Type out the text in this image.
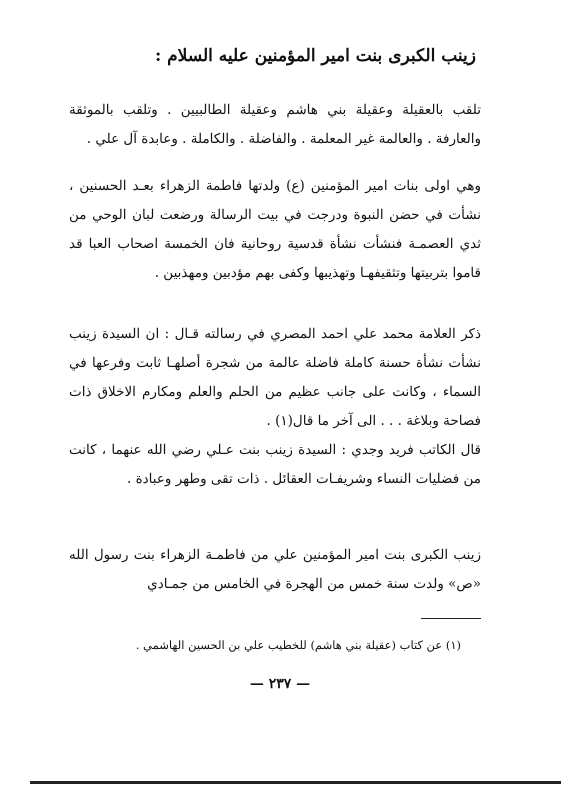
زينب الكبرى بنت امير المؤمنين عليه السلام :

تلقب بالعقيلة وعقيلة بني هاشم وعقيلة الطالبيين . وتلقب بالموثقة والعارفة . والعالمة غير المعلمة . والفاضلة . والكاملة . وعابدة آل علي .

وهي اولى بنات امير المؤمنين (ع) ولدتها فاطمة الزهراء بعـد الحسنين ، نشأت في حضن النبوة ودرجت في بيت الرسالة ورضعت لبان الوحي من ثدي العصمـة فنشأت نشأة قدسية روحانية فان الخمسة اصحاب العبا قد قاموا بتربيتها وتثقيفهـا وتهذيبها وكفى بهم مؤدبين ومهذبين .

ذكر العلامة محمد علي احمد المصري في رسالته قـال : ان السيدة زينب نشأت نشأة حسنة كاملة فاضلة عالمة من شجرة أصلهـا ثابت وفرعها في السماء ، وكانت على جانب عظيم من الحلم والعلم ومكارم الاخلاق ذات فصاحة وبلاغة . . . الى آخر ما قال(١) .

قال الكاتب فريد وجدي : السيدة زينب بنت عـلي رضي الله عنهما ، كانت من فضليات النساء وشريفـات العقائل . ذات تقى وطهر وعبادة .

زينب الكبرى بنت امير المؤمنين علي من فاطمـة الزهراء بنت رسول الله «ص» ولدت سنة خمس من الهجرة في الخامس من جمـادي

(١) عن كتاب (عقيلة بني هاشم) للخطيب علي بن الحسين الهاشمي .
— ٢٣٧ —
